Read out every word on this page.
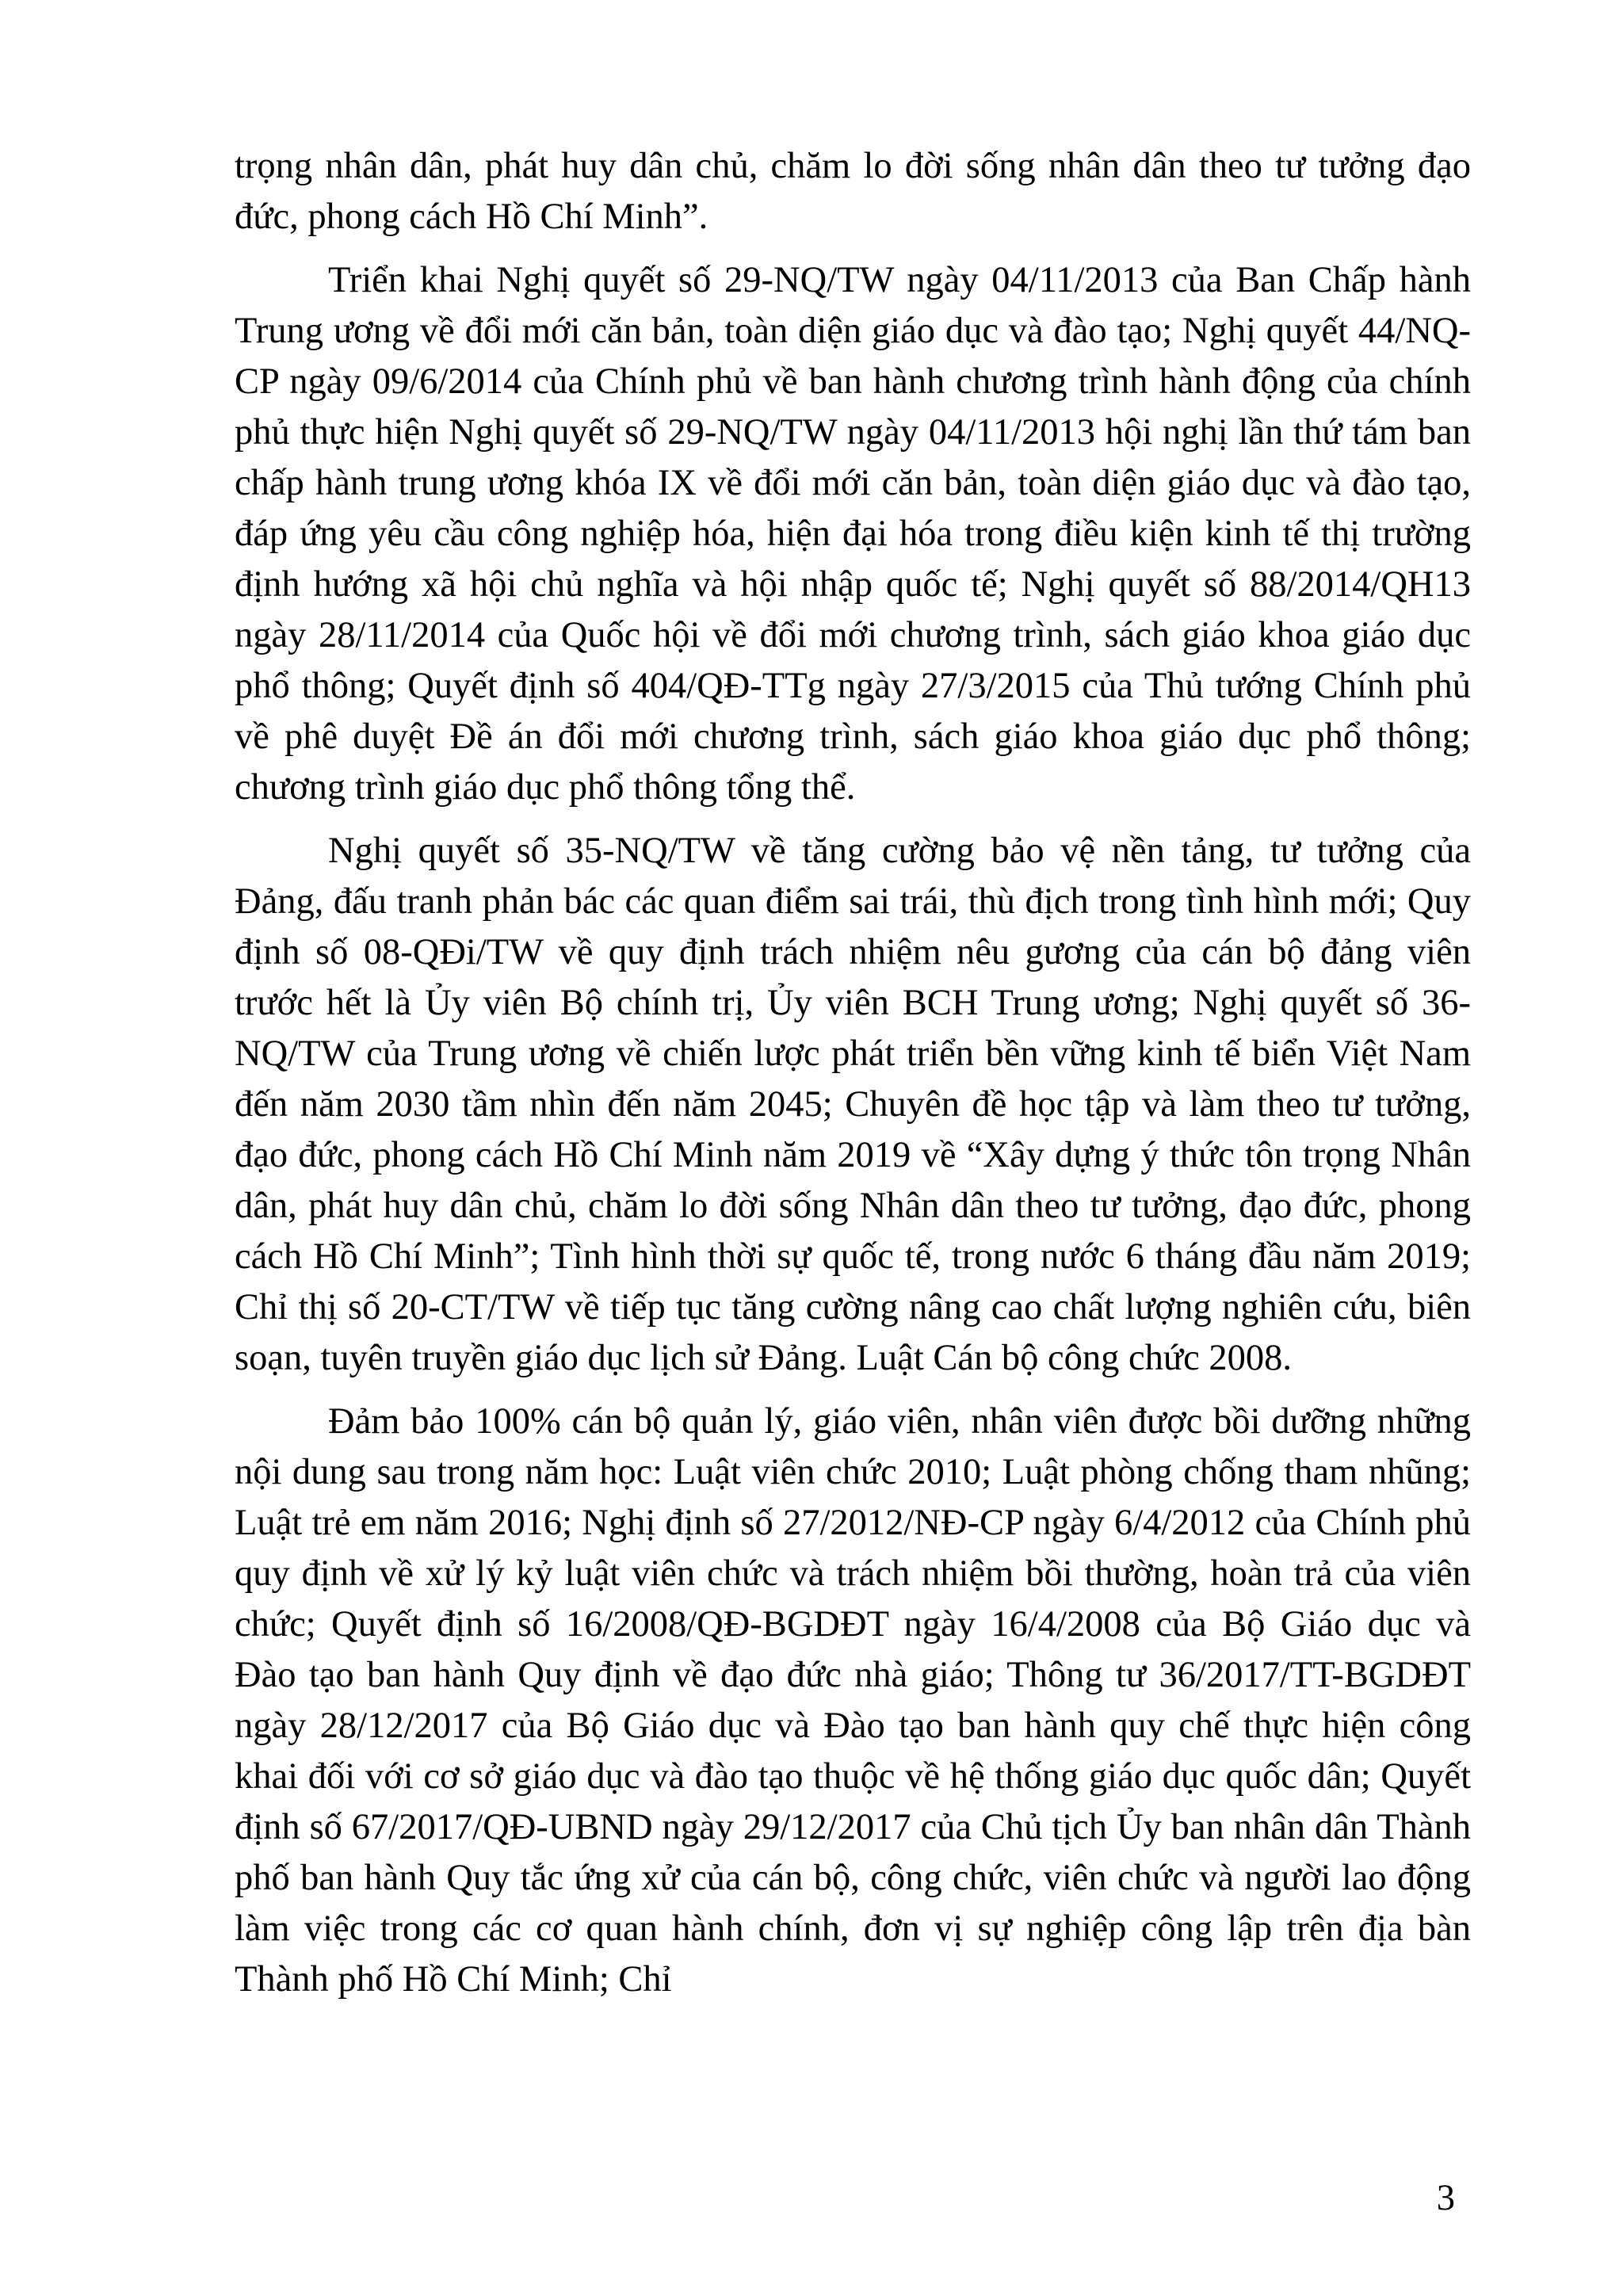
trọng nhân dân, phát huy dân chủ, chăm lo đời sống nhân dân theo tư tưởng đạo đức, phong cách Hồ Chí Minh”.

Triển khai Nghị quyết số 29-NQ/TW ngày 04/11/2013 của Ban Chấp hành Trung ương về đổi mới căn bản, toàn diện giáo dục và đào tạo; Nghị quyết 44/NQ-CP ngày 09/6/2014 của Chính phủ về ban hành chương trình hành động của chính phủ thực hiện Nghị quyết số 29-NQ/TW ngày 04/11/2013 hội nghị lần thứ tám ban chấp hành trung ương khóa IX về đổi mới căn bản, toàn diện giáo dục và đào tạo, đáp ứng yêu cầu công nghiệp hóa, hiện đại hóa trong điều kiện kinh tế thị trường định hướng xã hội chủ nghĩa và hội nhập quốc tế; Nghị quyết số 88/2014/QH13 ngày 28/11/2014 của Quốc hội về đổi mới chương trình, sách giáo khoa giáo dục phổ thông; Quyết định số 404/QĐ-TTg ngày 27/3/2015 của Thủ tướng Chính phủ về phê duyệt Đề án đổi mới chương trình, sách giáo khoa giáo dục phổ thông; chương trình giáo dục phổ thông tổng thể.

Nghị quyết số 35-NQ/TW về tăng cường bảo vệ nền tảng, tư tưởng của Đảng, đấu tranh phản bác các quan điểm sai trái, thù địch trong tình hình mới; Quy định số 08-QĐi/TW về quy định trách nhiệm nêu gương của cán bộ đảng viên trước hết là Ủy viên Bộ chính trị, Ủy viên BCH Trung ương; Nghị quyết số 36-NQ/TW của Trung ương về chiến lược phát triển bền vững kinh tế biển Việt Nam đến năm 2030 tầm nhìn đến năm 2045; Chuyên đề học tập và làm theo tư tưởng, đạo đức, phong cách Hồ Chí Minh năm 2019 về “Xây dựng ý thức tôn trọng Nhân dân, phát huy dân chủ, chăm lo đời sống Nhân dân theo tư tưởng, đạo đức, phong cách Hồ Chí Minh”; Tình hình thời sự quốc tế, trong nước 6 tháng đầu năm 2019; Chỉ thị số 20-CT/TW về tiếp tục tăng cường nâng cao chất lượng nghiên cứu, biên soạn, tuyên truyền giáo dục lịch sử Đảng. Luật Cán bộ công chức 2008.

Đảm bảo 100% cán bộ quản lý, giáo viên, nhân viên được bồi dưỡng những nội dung sau trong năm học: Luật viên chức 2010; Luật phòng chống tham nhũng; Luật trẻ em năm 2016; Nghị định số 27/2012/NĐ-CP ngày 6/4/2012 của Chính phủ quy định về xử lý kỷ luật viên chức và trách nhiệm bồi thường, hoàn trả của viên chức; Quyết định số 16/2008/QĐ-BGDĐT ngày 16/4/2008 của Bộ Giáo dục và Đào tạo ban hành Quy định về đạo đức nhà giáo; Thông tư 36/2017/TT-BGDĐT ngày 28/12/2017 của Bộ Giáo dục và Đào tạo ban hành quy chế thực hiện công khai đối với cơ sở giáo dục và đào tạo thuộc về hệ thống giáo dục quốc dân; Quyết định số 67/2017/QĐ-UBND ngày 29/12/2017 của Chủ tịch Ủy ban nhân dân Thành phố ban hành Quy tắc ứng xử của cán bộ, công chức, viên chức và người lao động làm việc trong các cơ quan hành chính, đơn vị sự nghiệp công lập trên địa bàn Thành phố Hồ Chí Minh; Chỉ

3
